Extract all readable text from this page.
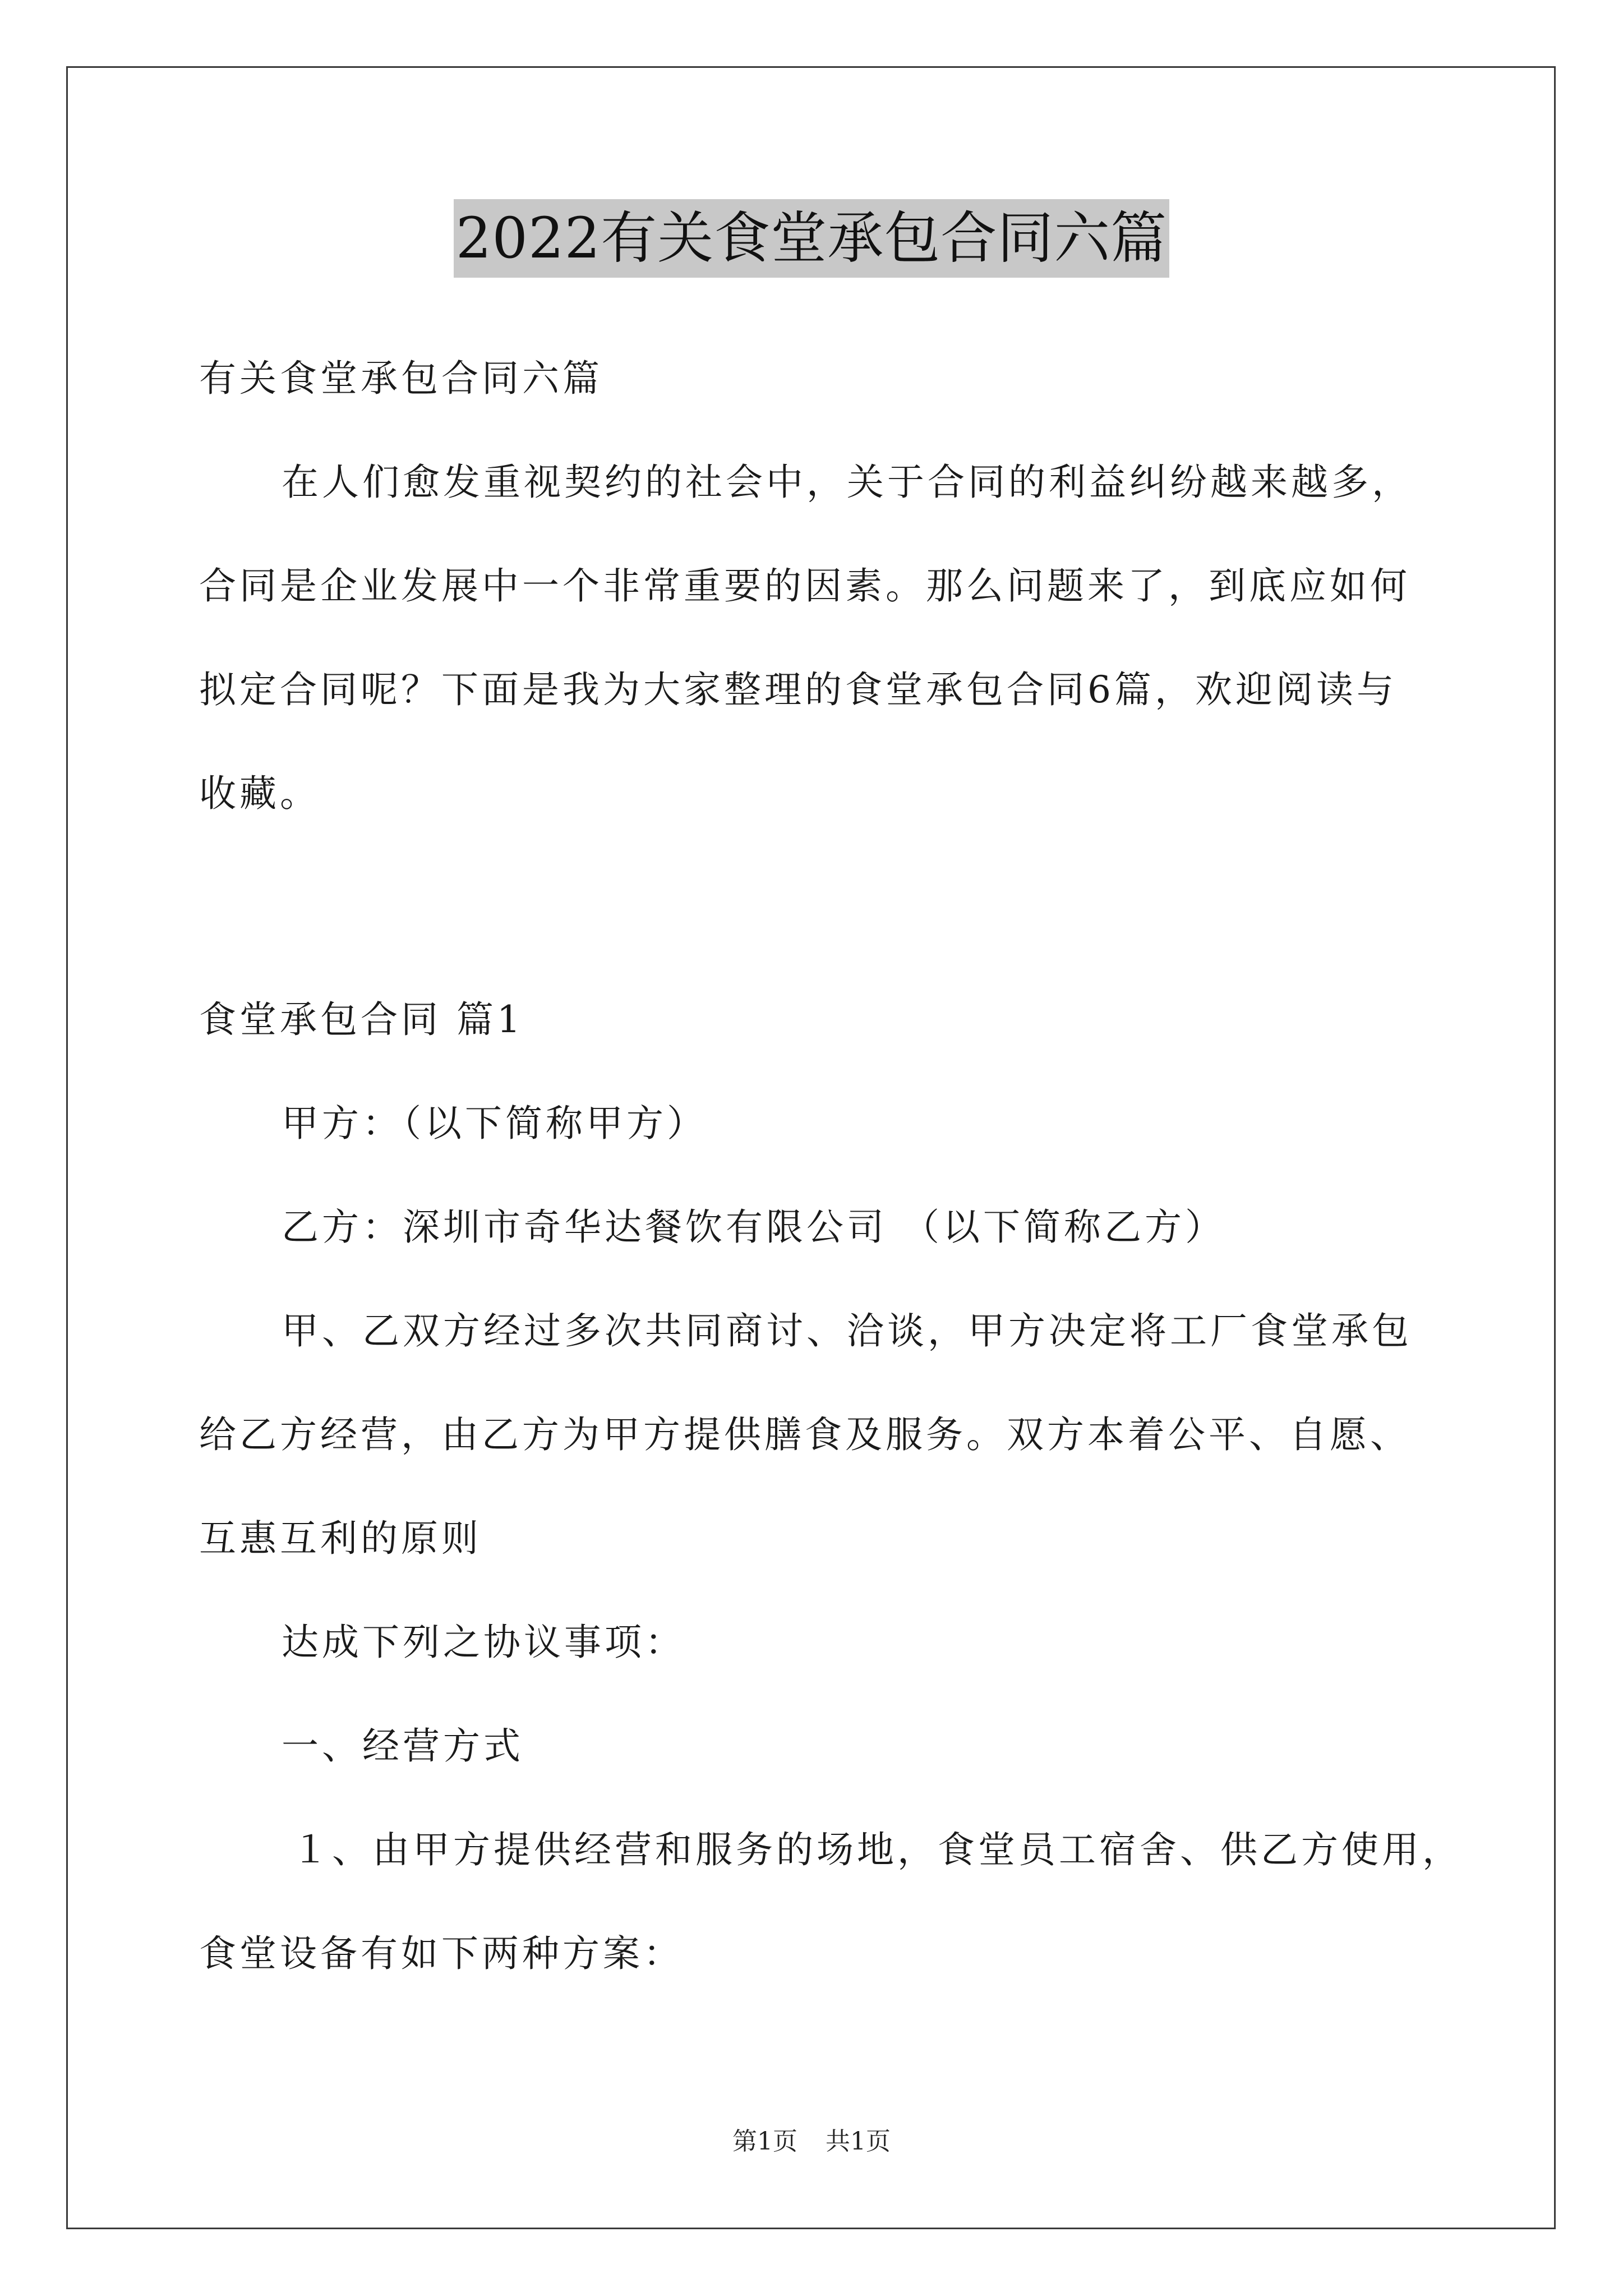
2022有关食堂承包合同六篇
有关食堂承包合同六篇
在人们愈发重视契约的社会中，关于合同的利益纠纷越来越多，
合同是企业发展中一个非常重要的因素。那么问题来了，到底应如何
拟定合同呢？下面是我为大家整理的食堂承包合同6篇，欢迎阅读与
收藏。
食堂承包合同 篇1
甲方：（以下简称甲方）
乙方：深圳市奇华达餐饮有限公司 （以下简称乙方）
甲、乙双方经过多次共同商讨、洽谈，甲方决定将工厂食堂承包
给乙方经营，由乙方为甲方提供膳食及服务。双方本着公平、自愿、
互惠互利的原则
达成下列之协议事项：
一、经营方式
１、由甲方提供经营和服务的场地，食堂员工宿舍、供乙方使用，
食堂设备有如下两种方案：
第1页 共1页
